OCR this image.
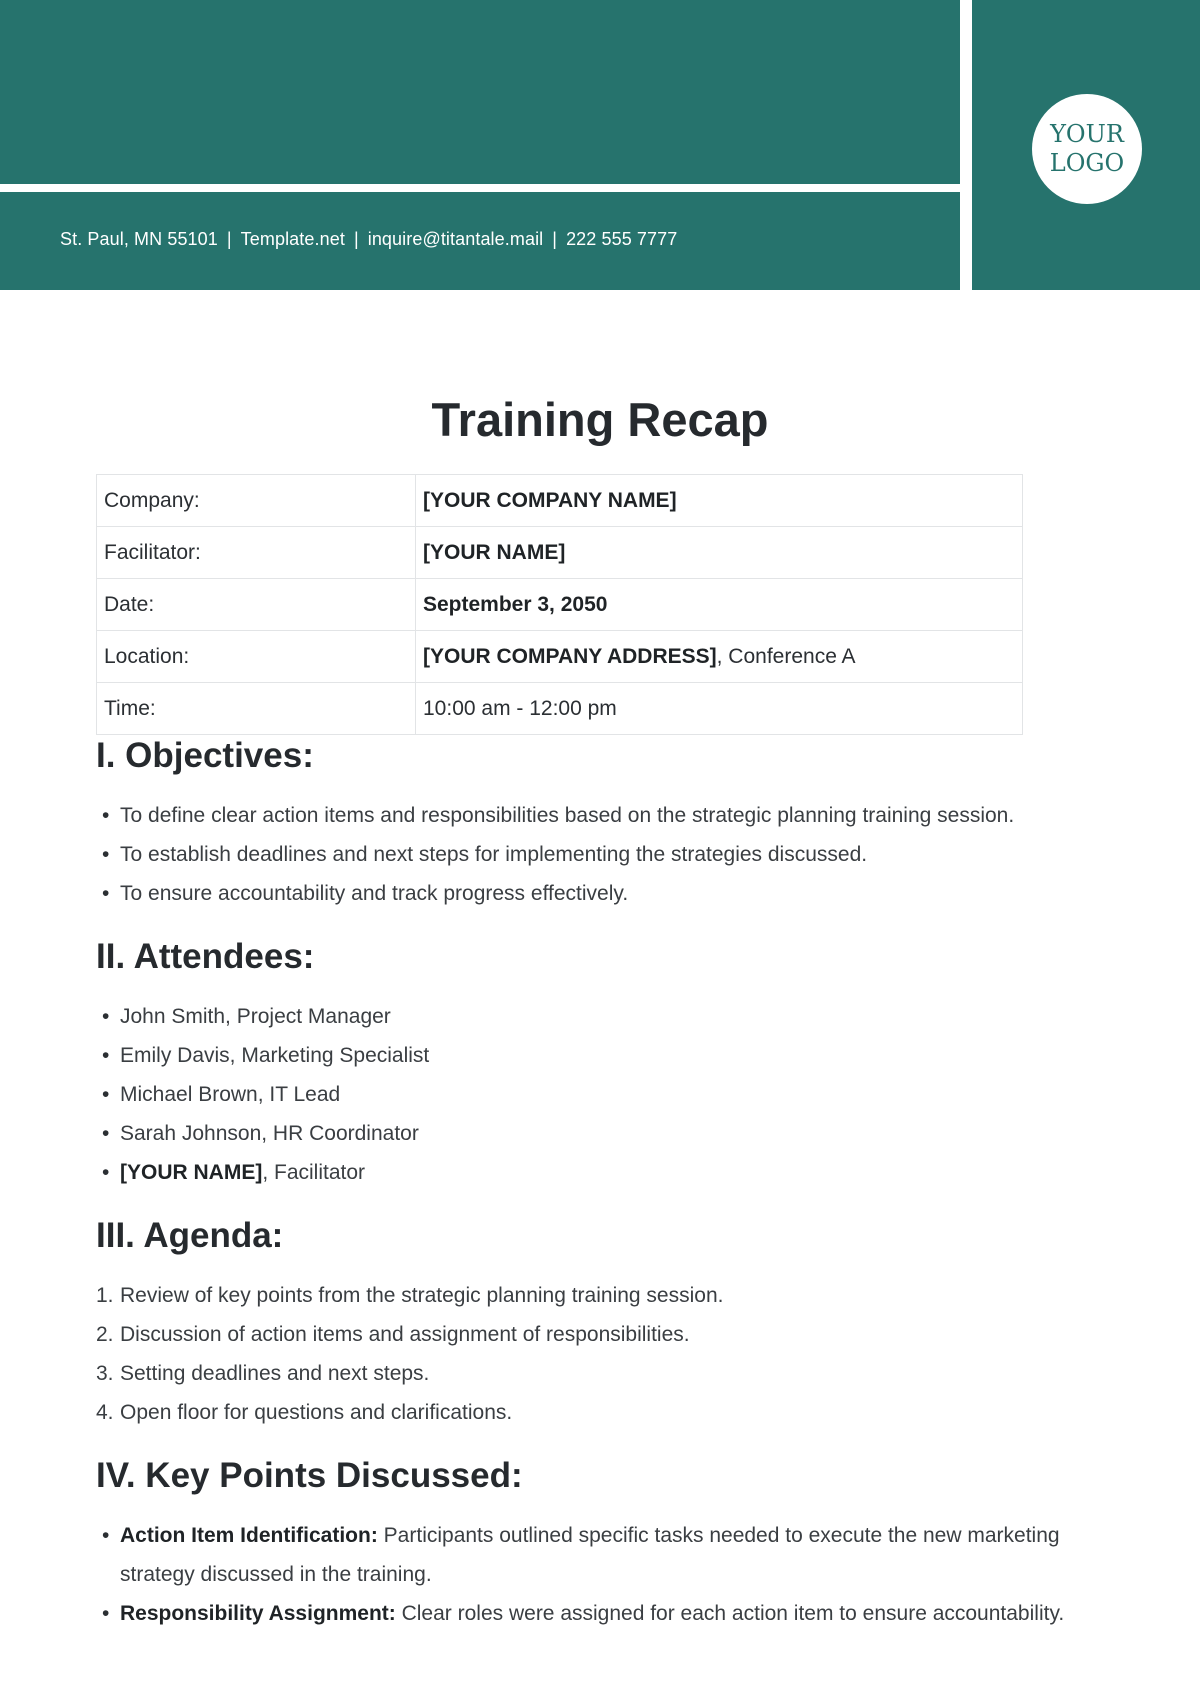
St. Paul, MN 55101 | Template.net | inquire@titantale.mail | 222 555 7777
YOUR
LOGO
Training Recap
Company:	[YOUR COMPANY NAME]
Facilitator:	[YOUR NAME]
Date:	September 3, 2050
Location:	[YOUR COMPANY ADDRESS], Conference A
Time:	10:00 am - 12:00 pm
I. Objectives:
• To define clear action items and responsibilities based on the strategic planning training session.
• To establish deadlines and next steps for implementing the strategies discussed.
• To ensure accountability and track progress effectively.
II. Attendees:
• John Smith, Project Manager
• Emily Davis, Marketing Specialist
• Michael Brown, IT Lead
• Sarah Johnson, HR Coordinator
• [YOUR NAME], Facilitator
III. Agenda:
1. Review of key points from the strategic planning training session.
2. Discussion of action items and assignment of responsibilities.
3. Setting deadlines and next steps.
4. Open floor for questions and clarifications.
IV. Key Points Discussed:
• Action Item Identification: Participants outlined specific tasks needed to execute the new marketing strategy discussed in the training.
• Responsibility Assignment: Clear roles were assigned for each action item to ensure accountability.
